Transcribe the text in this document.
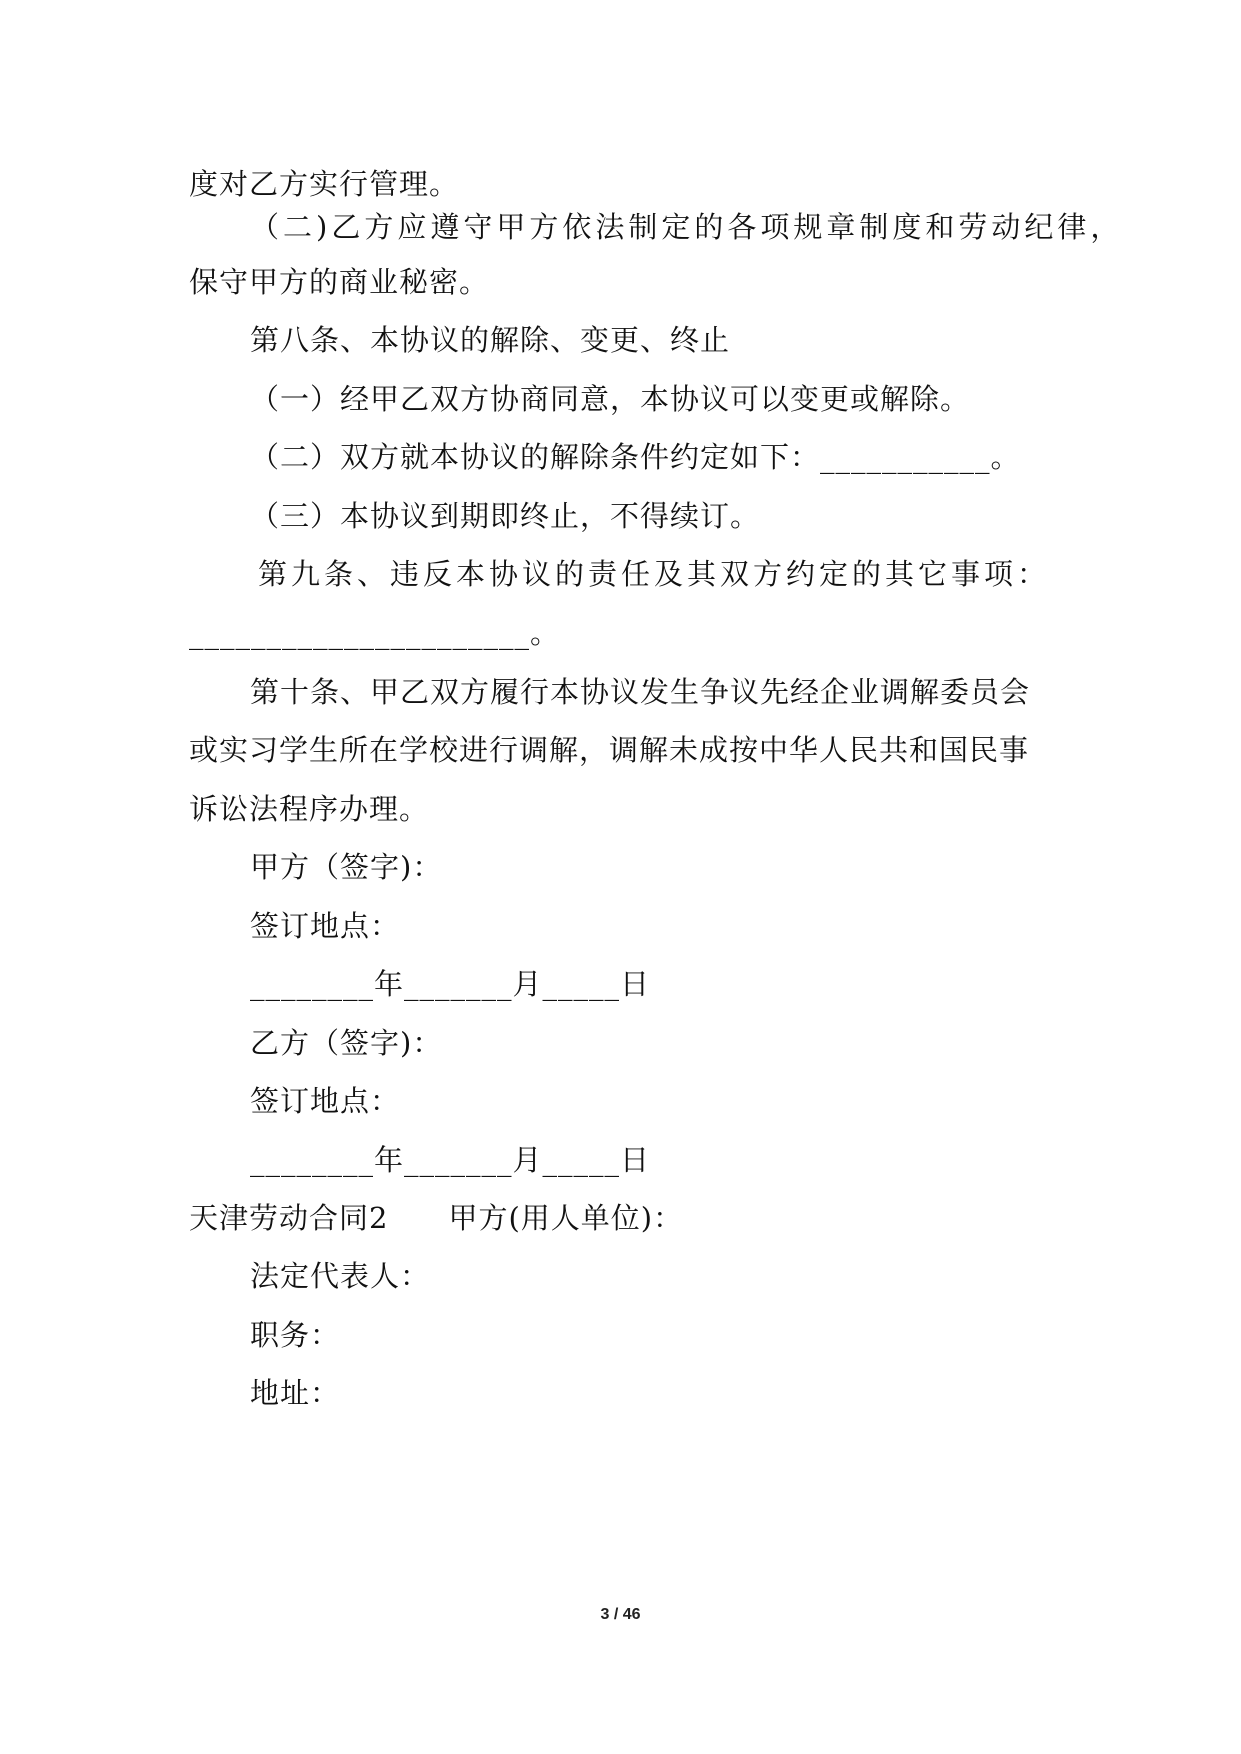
度对乙方实行管理。
（二)乙方应遵守甲方依法制定的各项规章制度和劳动纪律，
保守甲方的商业秘密。
第八条、本协议的解除、变更、终止
（一）经甲乙双方协商同意，本协议可以变更或解除。
（二）双方就本协议的解除条件约定如下：___________。
（三）本协议到期即终止，不得续订。
第九条、违反本协议的责任及其双方约定的其它事项：
______________________。
第十条、甲乙双方履行本协议发生争议先经企业调解委员会
或实习学生所在学校进行调解，调解未成按中华人民共和国民事
诉讼法程序办理。
甲方（签字)：
签订地点：
________年_______月_____日
乙方（签字)：
签订地点：
________年_______月_____日
天津劳动合同2　　甲方(用人单位)：
法定代表人：
职务：
地址：
3 / 46
